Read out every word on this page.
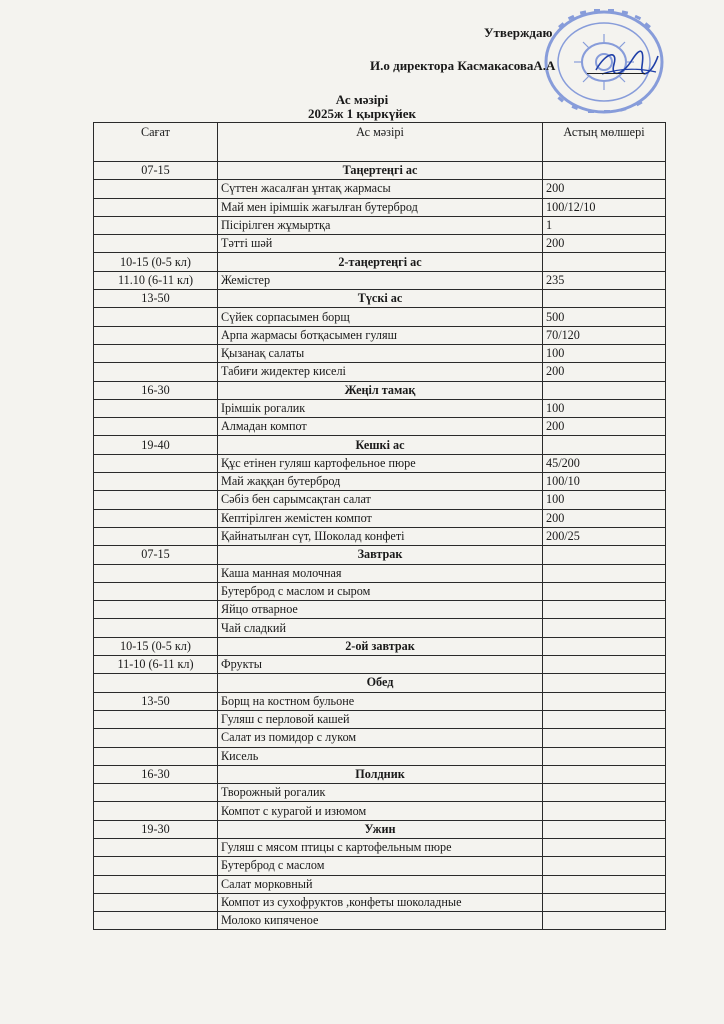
Утверждаю
И.о директора КасмакасоваА.А
Ас мәзірі
2025ж 1 қыркүйек
Сағат	Ас мәзірі	Астың мөлшері
07-15	Таңертеңгі ас	
	Сүттен жасалған ұнтақ жармасы	200
	Май мен ірімшік жағылған бутерброд	100/12/10
	Пісірілген жұмыртқа	1
	Тәтті шәй	200
10-15 (0-5 кл)	2-таңертеңгі ас	
11.10 (6-11 кл)	Жемістер	235
13-50	Түскі ас	
	Сүйек сорпасымен борщ	500
	Арпа жармасы ботқасымен гуляш	70/120
	Қызанақ салаты	100
	Табиғи жидектер киселі	200
16-30	Жеңіл тамақ	
	Ірімшік рогалик	100
	Алмадан компот	200
19-40	Кешкі ас	
	Құс етінен гуляш картофельное пюре	45/200
	Май жаққан бутерброд	100/10
	Сәбіз бен сарымсақтан салат	100
	Кептірілген жемістен компот	200
	Қайнатылған сүт, Шоколад конфеті	200/25
07-15	Завтрак	
	Каша манная молочная	
	Бутерброд с маслом и сыром	
	Яйцо отварное	
	Чай сладкий	
10-15 (0-5 кл)	2-ой завтрак	
11-10 (6-11 кл)	Фрукты	
	Обед	
13-50	Борщ на костном бульоне	
	Гуляш с перловой кашей	
	Салат из помидор с луком	
	Кисель	
16-30	Полдник	
	Творожный рогалик	
	Компот с курагой и изюмом	
19-30	Ужин	
	Гуляш с мясом птицы с картофельным пюре	
	Бутерброд с маслом	
	Салат морковный	
	Компот из сухофруктов ,конфеты шоколадные	
	Молоко кипяченое	
